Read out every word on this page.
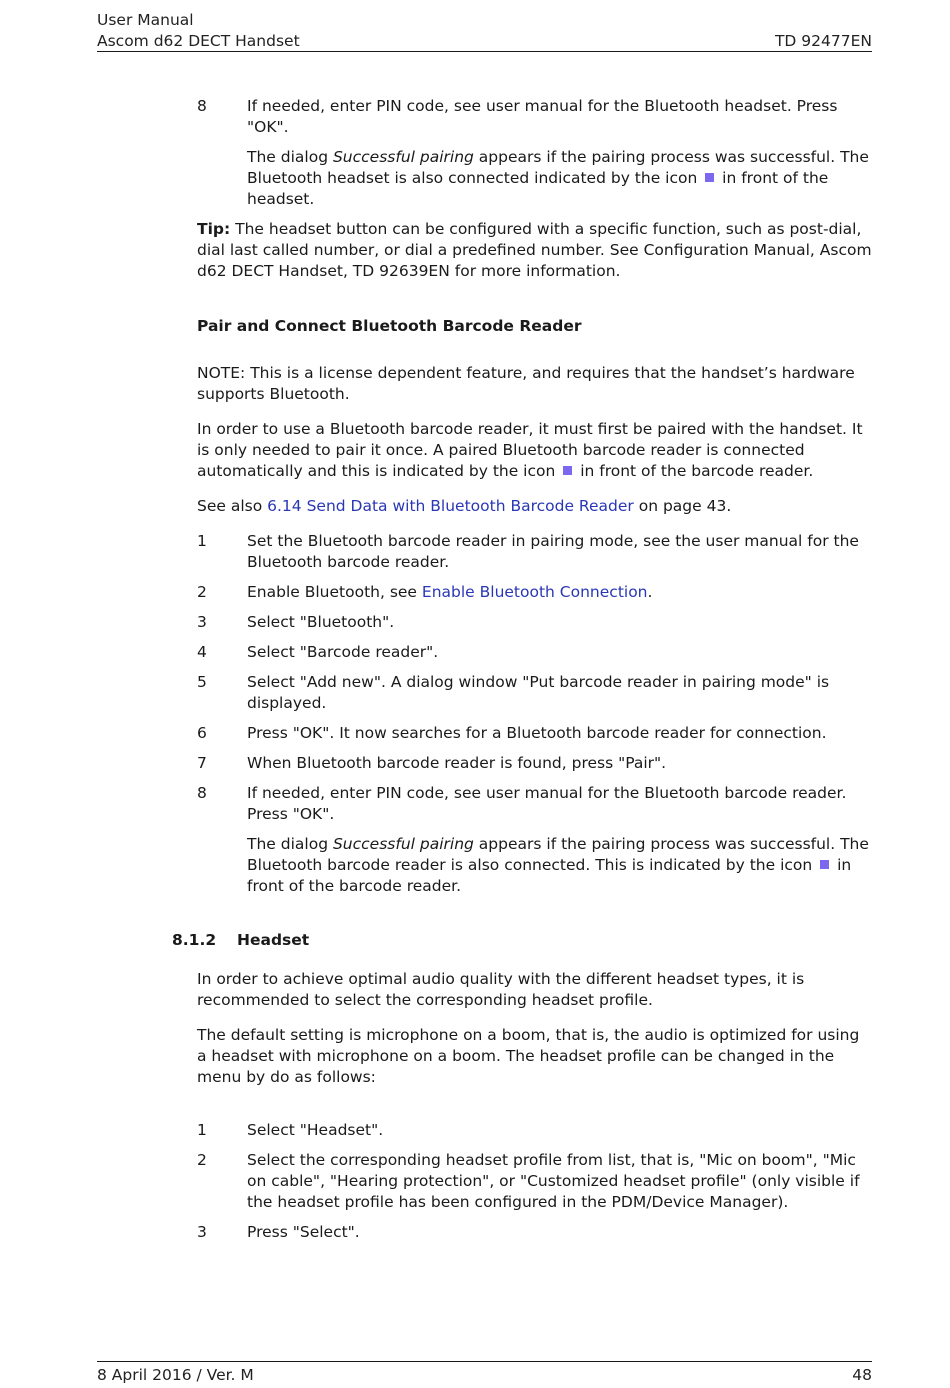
User Manual
Ascom d62 DECT Handset	TD 92477EN
8	If needed, enter PIN code, see user manual for the Bluetooth headset. Press "OK".
The dialog Successful pairing appears if the pairing process was successful. The Bluetooth headset is also connected indicated by the icon in front of the headset.
Tip: The headset button can be configured with a specific function, such as post-dial, dial last called number, or dial a predefined number. See Configuration Manual, Ascom d62 DECT Handset, TD 92639EN for more information.
Pair and Connect Bluetooth Barcode Reader
NOTE: This is a license dependent feature, and requires that the handset’s hardware supports Bluetooth.
In order to use a Bluetooth barcode reader, it must first be paired with the handset. It is only needed to pair it once. A paired Bluetooth barcode reader is connected automatically and this is indicated by the icon in front of the barcode reader.
See also 6.14 Send Data with Bluetooth Barcode Reader on page 43.
1	Set the Bluetooth barcode reader in pairing mode, see the user manual for the Bluetooth barcode reader.
2	Enable Bluetooth, see Enable Bluetooth Connection.
3	Select "Bluetooth".
4	Select "Barcode reader".
5	Select "Add new". A dialog window "Put barcode reader in pairing mode" is displayed.
6	Press "OK". It now searches for a Bluetooth barcode reader for connection.
7	When Bluetooth barcode reader is found, press "Pair".
8	If needed, enter PIN code, see user manual for the Bluetooth barcode reader. Press "OK".
The dialog Successful pairing appears if the pairing process was successful. The Bluetooth barcode reader is also connected. This is indicated by the icon in front of the barcode reader.
8.1.2 Headset
In order to achieve optimal audio quality with the different headset types, it is recommended to select the corresponding headset profile.
The default setting is microphone on a boom, that is, the audio is optimized for using a headset with microphone on a boom. The headset profile can be changed in the menu by do as follows:
1	Select "Headset".
2	Select the corresponding headset profile from list, that is, "Mic on boom", "Mic on cable", "Hearing protection", or "Customized headset profile" (only visible if the headset profile has been configured in the PDM/Device Manager).
3	Press "Select".
8 April 2016 / Ver. M	48
